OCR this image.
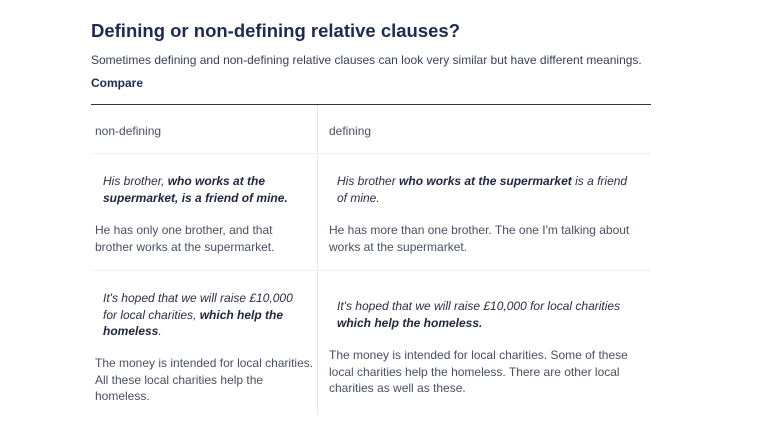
Defining or non-defining relative clauses?

Sometimes defining and non-defining relative clauses can look very similar but have different meanings.

Compare

non-defining	defining
His brother, who works at the
supermarket, is a friend of mine.
He has only one brother, and that brother works at the supermarket.
His brother who works at the supermarket is a friend of mine.
He has more than one brother. The one I'm talking about works at the supermarket.
It's hoped that we will raise £10,000 for local charities, which help the homeless.
The money is intended for local charities. All these local charities help the homeless.
It's hoped that we will raise £10,000 for local charities which help the homeless.
The money is intended for local charities. Some of these local charities help the homeless. There are other local charities as well as these.
